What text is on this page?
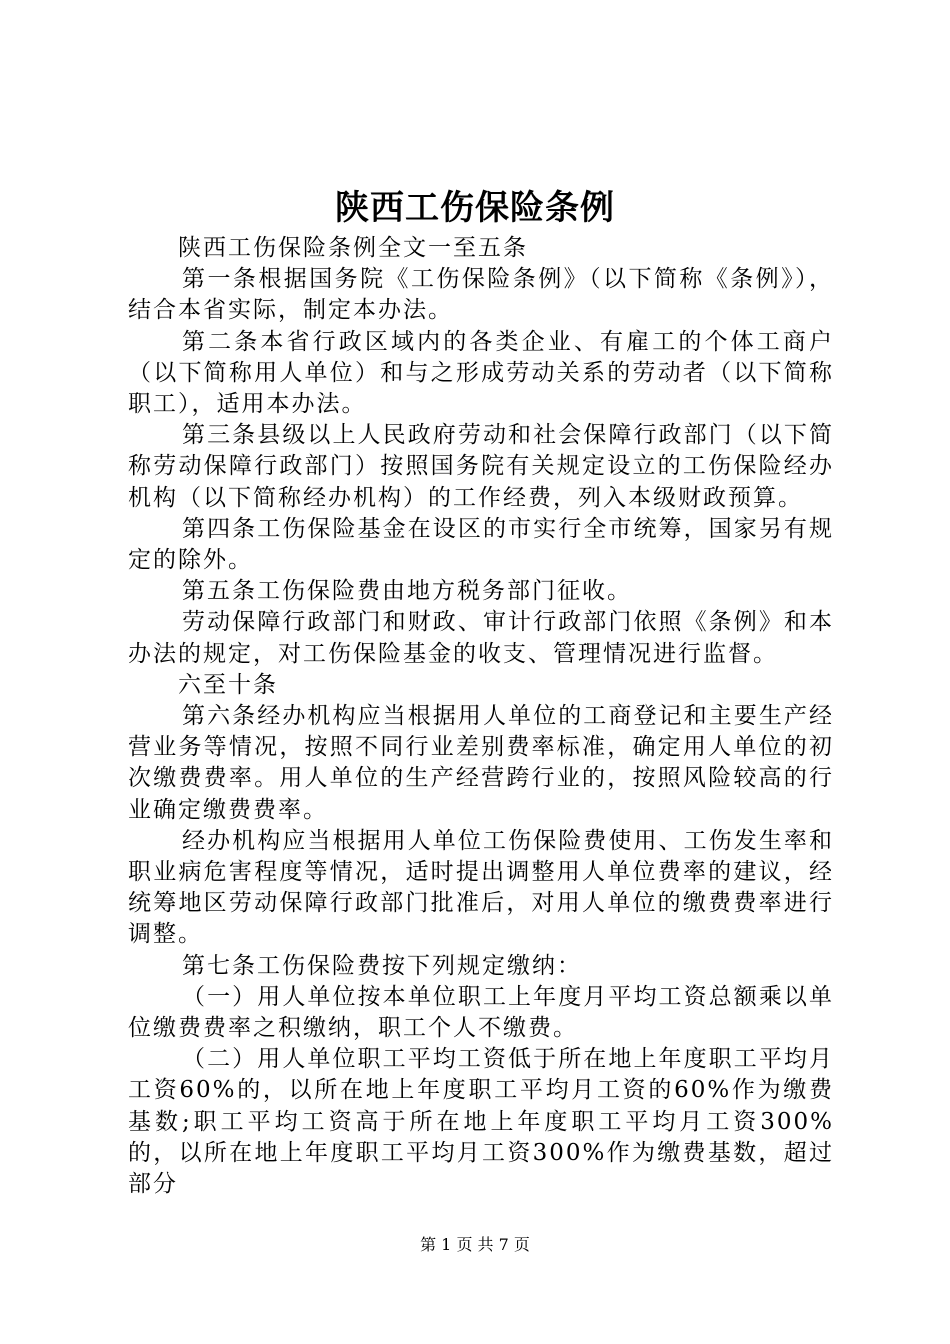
陕西工伤保险条例

陕西工伤保险条例全文一至五条

第一条根据国务院《工伤保险条例》（以下简称《条例》），结合本省实际，制定本办法。

第二条本省行政区域内的各类企业、有雇工的个体工商户（以下简称用人单位）和与之形成劳动关系的劳动者（以下简称职工），适用本办法。

第三条县级以上人民政府劳动和社会保障行政部门（以下简称劳动保障行政部门）按照国务院有关规定设立的工伤保险经办机构（以下简称经办机构）的工作经费，列入本级财政预算。

第四条工伤保险基金在设区的市实行全市统筹，国家另有规定的除外。

第五条工伤保险费由地方税务部门征收。

劳动保障行政部门和财政、审计行政部门依照《条例》和本办法的规定，对工伤保险基金的收支、管理情况进行监督。

六至十条

第六条经办机构应当根据用人单位的工商登记和主要生产经营业务等情况，按照不同行业差别费率标准，确定用人单位的初次缴费费率。用人单位的生产经营跨行业的，按照风险较高的行业确定缴费费率。

经办机构应当根据用人单位工伤保险费使用、工伤发生率和职业病危害程度等情况，适时提出调整用人单位费率的建议，经统筹地区劳动保障行政部门批准后，对用人单位的缴费费率进行调整。

第七条工伤保险费按下列规定缴纳：

（一）用人单位按本单位职工上年度月平均工资总额乘以单位缴费费率之积缴纳，职工个人不缴费。

（二）用人单位职工平均工资低于所在地上年度职工平均月工资60%的，以所在地上年度职工平均月工资的60%作为缴费基数;职工平均工资高于所在地上年度职工平均月工资300%的，以所在地上年度职工平均月工资300%作为缴费基数，超过部分

第 1 页 共 7 页
